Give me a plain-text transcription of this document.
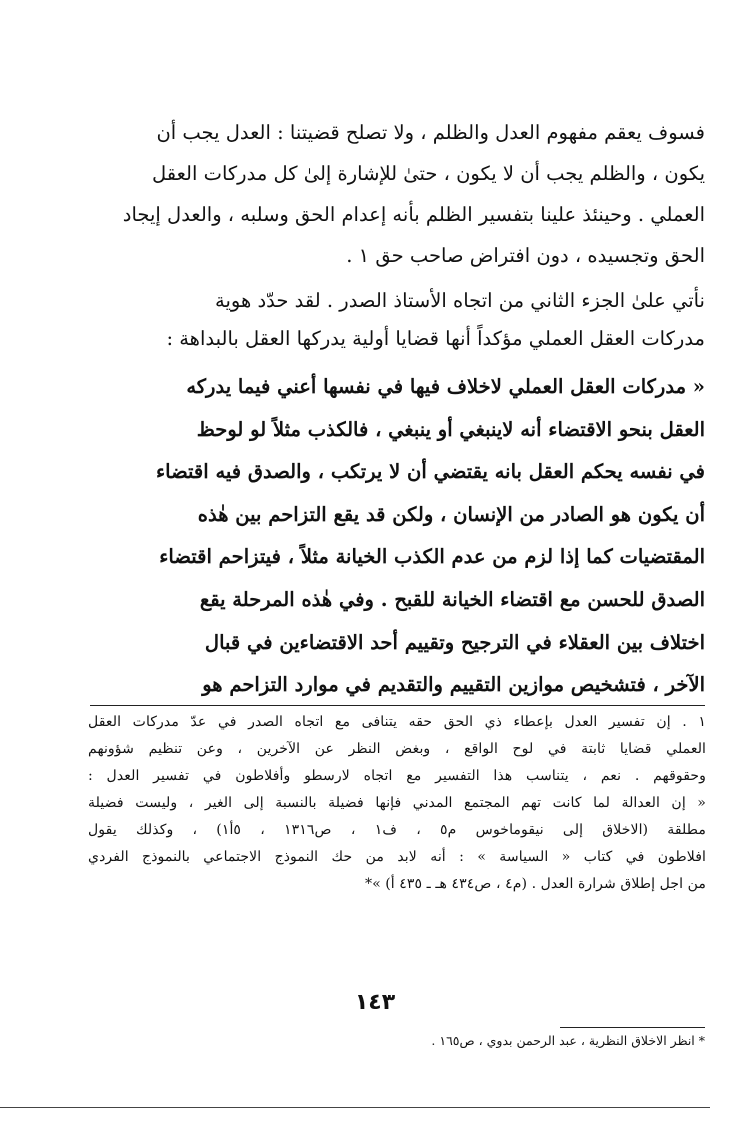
فسوف يعقم مفهوم العدل والظلم ، ولا تصلح قضيتنا : العدل يجب أن
يكون ، والظلم يجب أن لا يكون ، حتىٰ للإشارة إلىٰ كل مدركات العقل
العملي . وحينئذ علينا بتفسير الظلم بأنه إعدام الحق وسلبه ، والعدل إيجاد
الحق وتجسيده ، دون افتراض صاحب حق ١ .
نأتي علىٰ الجزء الثاني من اتجاه الأستاذ الصدر . لقد حدّد هوية
مدركات العقل العملي مؤكداً أنها قضايا أولية يدركها العقل بالبداهة :
« مدركات العقل العملي لاخلاف فيها في نفسها أعني فيما يدركه
العقل بنحو الاقتضاء أنه لاينبغي أو ينبغي ، فالكذب مثلاً لو لوحظ
في نفسه يحكم العقل بانه يقتضي أن لا يرتكب ، والصدق فيه اقتضاء
أن يكون هو الصادر من الإنسان ، ولكن قد يقع التزاحم بين هٰذه
المقتضيات كما إذا لزم من عدم الكذب الخيانة مثلاً ، فيتزاحم اقتضاء
الصدق للحسن مع اقتضاء الخيانة للقبح . وفي هٰذه المرحلة يقع
اختلاف بين العقلاء في الترجيح وتقييم أحد الاقتضاءين في قبال
الآخر ، فتشخيص موازين التقييم والتقديم في موارد التزاحم هو
١ . إن تفسير العدل بإعطاء ذي الحق حقه يتنافى مع اتجاه الصدر في عدّ مدركات العقل
العملي قضايا ثابتة في لوح الواقع ، وبغض النظر عن الآخرين ، وعن تنظيم شؤونهم
وحقوقهم . نعم ، يتناسب هذا التفسير مع اتجاه لارسطو وأفلاطون في تفسير العدل :
« إن العدالة لما كانت تهم المجتمع المدني فإنها فضيلة بالنسبة إلى الغير ، وليست فضيلة
مطلقة (الاخلاق إلى نيقوماخوس م٥ ، ف١ ، ص١٣١٦ ، ٥أ١) ، وكذلك يقول
افلاطون في كتاب « السياسة » : أنه لابد من حك النموذج الاجتماعي بالنموذج الفردي
من اجل إطلاق شرارة العدل . (م٤ ، ص٤٣٤ هـ ـ ٤٣٥ أ) »*
* انظر الاخلاق النظرية ، عبد الرحمن بدوي ، ص١٦٥ .
١٤٣
